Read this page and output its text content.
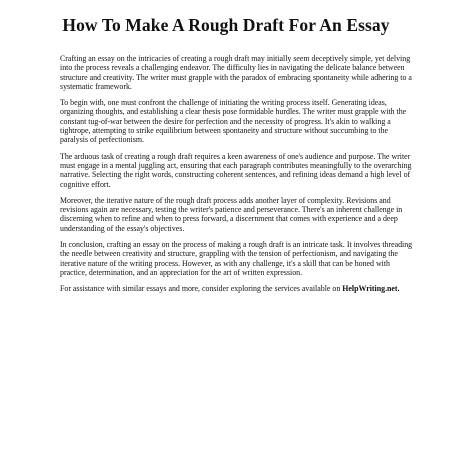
How To Make A Rough Draft For An Essay

Crafting an essay on the intricacies of creating a rough draft may initially seem deceptively simple, yet delving into the process reveals a challenging endeavor. The difficulty lies in navigating the delicate balance between structure and creativity. The writer must grapple with the paradox of embracing spontaneity while adhering to a systematic framework.

To begin with, one must confront the challenge of initiating the writing process itself. Generating ideas, organizing thoughts, and establishing a clear thesis pose formidable hurdles. The writer must grapple with the constant tug-of-war between the desire for perfection and the necessity of progress. It's akin to walking a tightrope, attempting to strike equilibrium between spontaneity and structure without succumbing to the paralysis of perfectionism.

The arduous task of creating a rough draft requires a keen awareness of one's audience and purpose. The writer must engage in a mental juggling act, ensuring that each paragraph contributes meaningfully to the overarching narrative. Selecting the right words, constructing coherent sentences, and refining ideas demand a high level of cognitive effort.

Moreover, the iterative nature of the rough draft process adds another layer of complexity. Revisions and revisions again are necessary, testing the writer's patience and perseverance. There's an inherent challenge in discerning when to refine and when to press forward, a discernment that comes with experience and a deep understanding of the essay's objectives.

In conclusion, crafting an essay on the process of making a rough draft is an intricate task. It involves threading the needle between creativity and structure, grappling with the tension of perfectionism, and navigating the iterative nature of the writing process. However, as with any challenge, it's a skill that can be honed with practice, determination, and an appreciation for the art of written expression.

For assistance with similar essays and more, consider exploring the services available on HelpWriting.net.
